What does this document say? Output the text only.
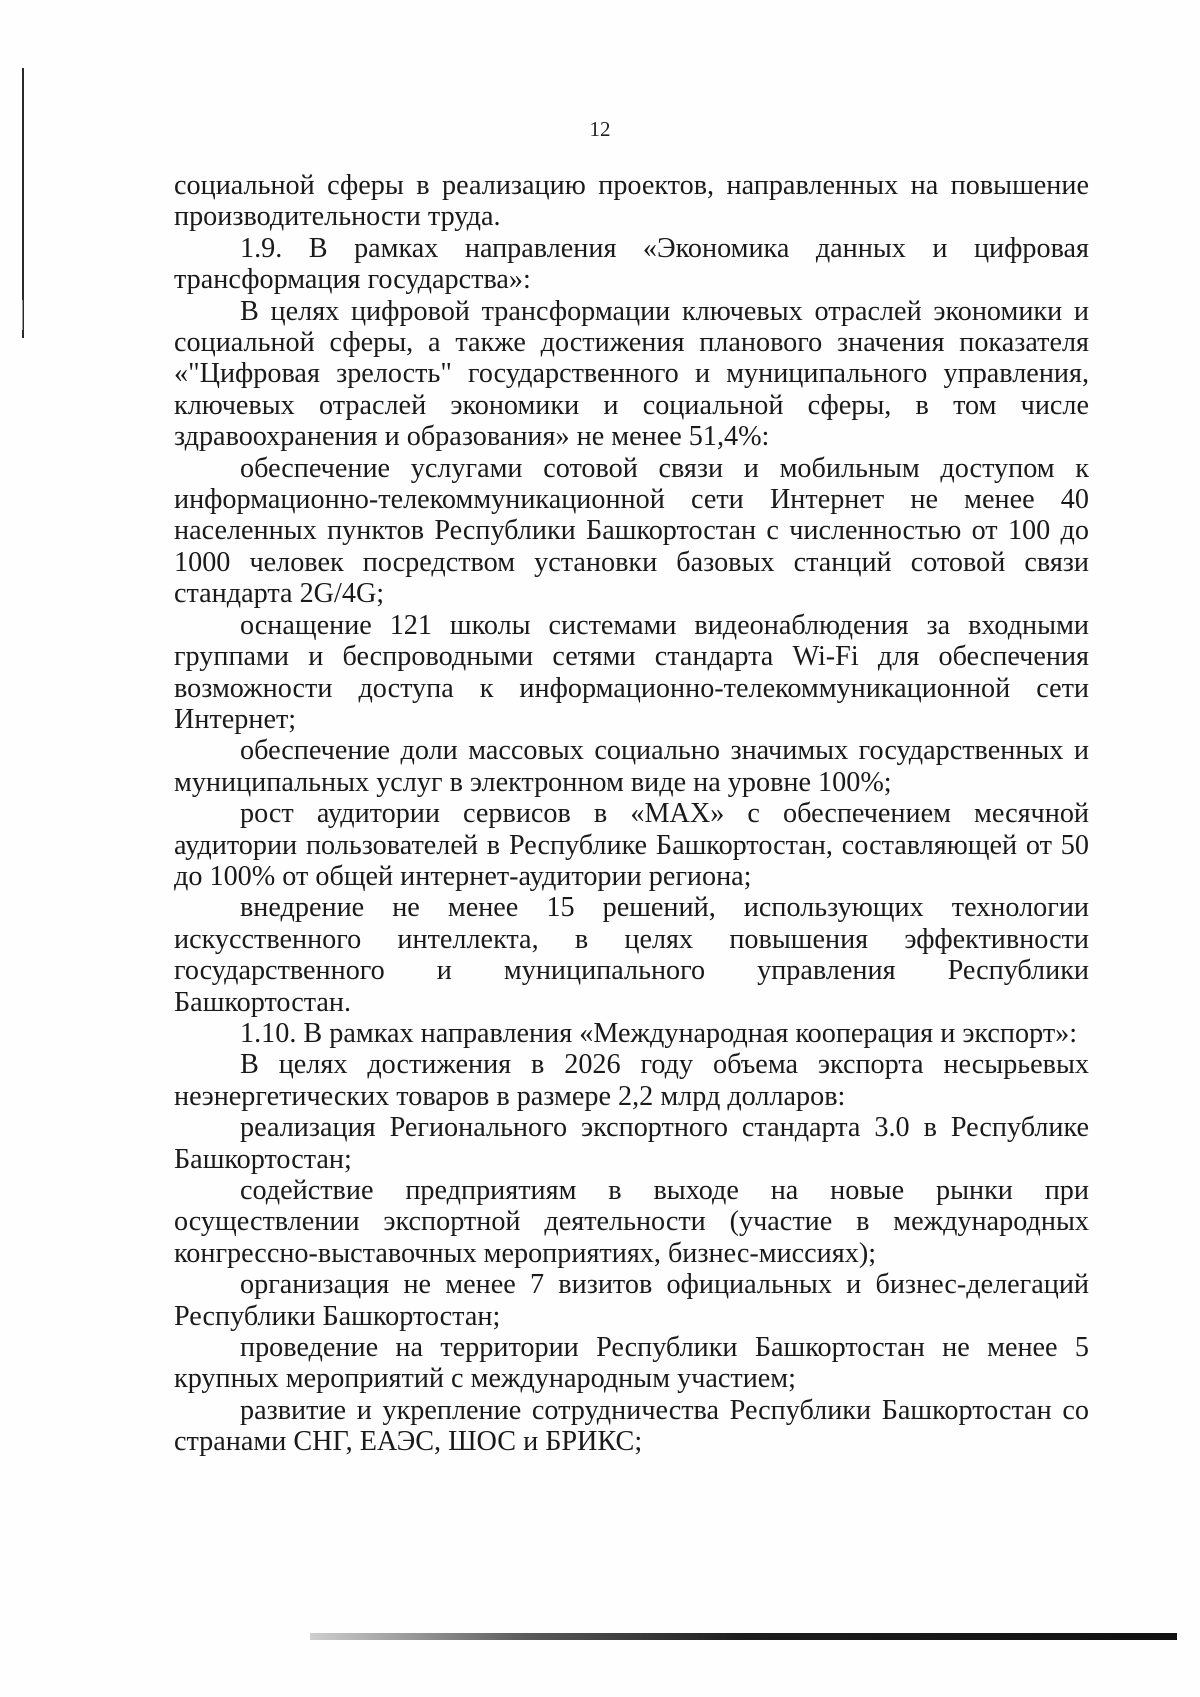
12

социальной сферы в реализацию проектов, направленных на повышение производительности труда.

1.9. В рамках направления «Экономика данных и цифровая трансформация государства»:

В целях цифровой трансформации ключевых отраслей экономики и социальной сферы, а также достижения планового значения показателя «"Цифровая зрелость" государственного и муниципального управления, ключевых отраслей экономики и социальной сферы, в том числе здравоохранения и образования» не менее 51,4%:

обеспечение услугами сотовой связи и мобильным доступом к информационно-телекоммуникационной сети Интернет не менее 40 населенных пунктов Республики Башкортостан с численностью от 100 до 1000 человек посредством установки базовых станций сотовой связи стандарта 2G/4G;

оснащение 121 школы системами видеонаблюдения за входными группами и беспроводными сетями стандарта Wi-Fi для обеспечения возможности доступа к информационно-телекоммуникационной сети Интернет;

обеспечение доли массовых социально значимых государственных и муниципальных услуг в электронном виде на уровне 100%;

рост аудитории сервисов в «MAX» с обеспечением месячной аудитории пользователей в Республике Башкортостан, составляющей от 50 до 100% от общей интернет-аудитории региона;

внедрение не менее 15 решений, использующих технологии искусственного интеллекта, в целях повышения эффективности государственного и муниципального управления Республики Башкортостан.

1.10. В рамках направления «Международная кооперация и экспорт»:

В целях достижения в 2026 году объема экспорта несырьевых неэнергетических товаров в размере 2,2 млрд долларов:

реализация Регионального экспортного стандарта 3.0 в Республике Башкортостан;

содействие предприятиям в выходе на новые рынки при осуществлении экспортной деятельности (участие в международных конгрессно-выставочных мероприятиях, бизнес-миссиях);

организация не менее 7 визитов официальных и бизнес-делегаций Республики Башкортостан;

проведение на территории Республики Башкортостан не менее 5 крупных мероприятий с международным участием;

развитие и укрепление сотрудничества Республики Башкортостан со странами СНГ, ЕАЭС, ШОС и БРИКС;
